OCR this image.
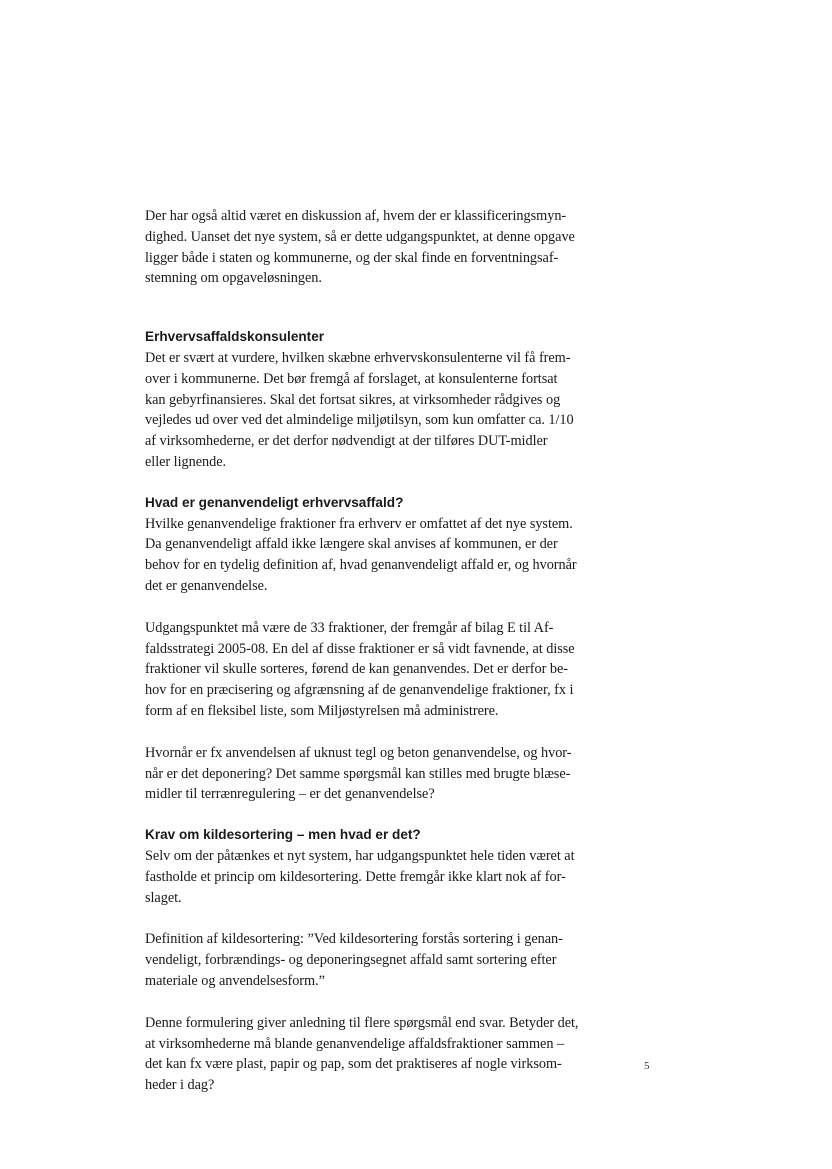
Der har også altid været en diskussion af, hvem der er klassificeringsmyn-
dighed. Uanset det nye system, så er dette udgangspunktet, at denne opgave
ligger både i staten og kommunerne, og der skal finde en forventningsaf-
stemning om opgaveløsningen.

Erhvervsaffaldskonsulenter

Det er svært at vurdere, hvilken skæbne erhvervskonsulenterne vil få frem-
over i kommunerne. Det bør fremgå af forslaget, at konsulenterne fortsat
kan gebyrfinansieres. Skal det fortsat sikres, at virksomheder rådgives og
vejledes ud over ved det almindelige miljøtilsyn, som kun omfatter ca. 1/10
af virksomhederne, er det derfor nødvendigt at der tilføres DUT-midler
eller lignende.

Hvad er genanvendeligt erhvervsaffald?

Hvilke genanvendelige fraktioner fra erhverv er omfattet af det nye system.
Da genanvendeligt affald ikke længere skal anvises af kommunen, er der
behov for en tydelig definition af, hvad genanvendeligt affald er, og hvornår
det er genanvendelse.

Udgangspunktet må være de 33 fraktioner, der fremgår af bilag E til Af-
faldsstrategi 2005-08. En del af disse fraktioner er så vidt favnende, at disse
fraktioner vil skulle sorteres, førend de kan genanvendes. Det er derfor be-
hov for en præcisering og afgrænsning af de genanvendelige fraktioner, fx i
form af en fleksibel liste, som Miljøstyrelsen må administrere.

Hvornår er fx anvendelsen af uknust tegl og beton genanvendelse, og hvor-
når er det deponering? Det samme spørgsmål kan stilles med brugte blæse-
midler til terrænregulering – er det genanvendelse?

Krav om kildesortering – men hvad er det?

Selv om der påtænkes et nyt system, har udgangspunktet hele tiden været at
fastholde et princip om kildesortering. Dette fremgår ikke klart nok af for-
slaget.

Definition af kildesortering: ”Ved kildesortering forstås sortering i genan-
vendeligt, forbrændings- og deponeringsegnet affald samt sortering efter
materiale og anvendelsesform.”

Denne formulering giver anledning til flere spørgsmål end svar. Betyder det,
at virksomhederne må blande genanvendelige affaldsfraktioner sammen –
det kan fx være plast, papir og pap, som det praktiseres af nogle virksom-
heder i dag?

5
